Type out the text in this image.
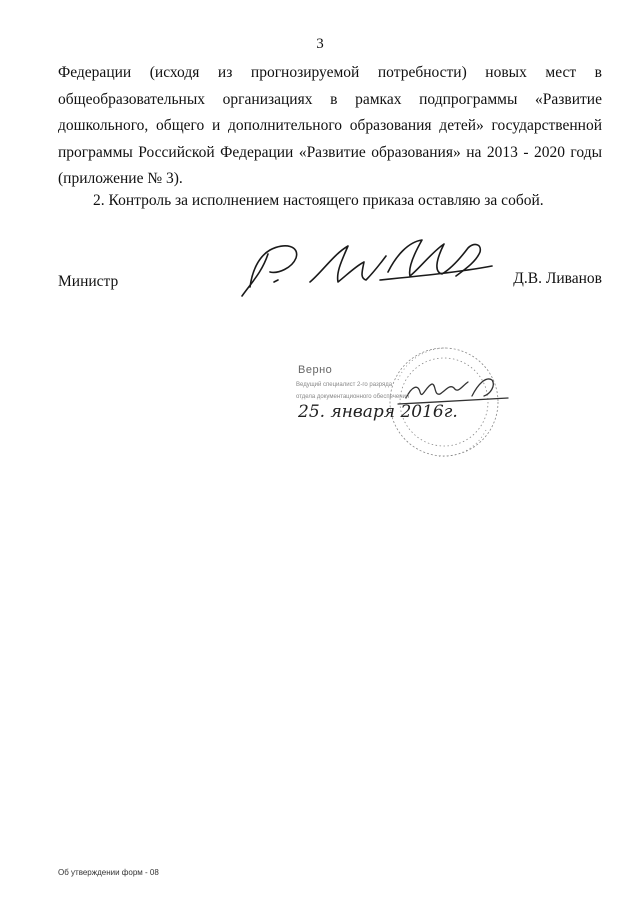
3
Федерации (исходя из прогнозируемой потребности) новых мест в
общеобразовательных организациях в рамках подпрограммы «Развитие
дошкольного, общего и дополнительного образования детей» государственной
программы Российской Федерации «Развитие образования» на 2013 - 2020 годы
(приложение № 3).
2. Контроль за исполнением настоящего приказа оставляю за собой.
Министр	Д.В. Ливанов
Верно
Ведущий специалист 2-го разряда
отдела документационного обеспечения
25. января 2016г.
Об утверждении форм - 08
